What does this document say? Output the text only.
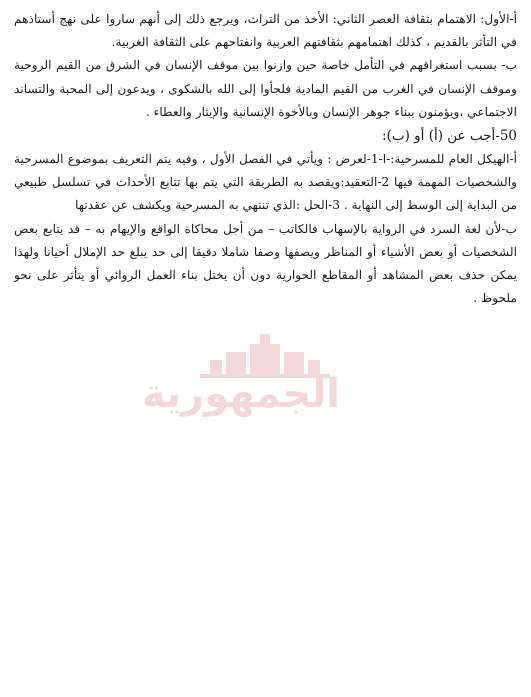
أ-الأول: الاهتمام بثقافة العصر الثاني: الأخذ من التراث، ويرجع ذلك إلى أنهم ساروا على نهج أستاذهم في التأثر بالقديم ، كذلك اهتمامهم بثقافتهم العربية وانفتاحهم على الثقافة الغربية.

ب- بسبب استغراقهم في التأمل خاصة حين وازنوا بين موقف الإنسان في الشرق من القيم الروحية وموقف الإنسان في الغرب من القيم المادية فلجأوا إلى الله بالشكوى ، ويدعون إلى المحبة والتساند الاجتماعي ،ويؤمنون ببناء جوهر الإنسان وبالأخوة الإنسانية والإيثار والعطاء .

50-أجب عن (أ) أو (ب):

أ-الهيكل العام للمسرحية:-ا-1-لعرض : ويأتي في الفصل الأول ، وفيه يتم التعريف بموضوع المسرحية والشخصيات المهمة فيها 2-التعقيد:ويقصد به الطريقة التي يتم بها تتابع الأحداث في تسلسل طبيعي من البداية إلى الوسط إلى النهاية . 3-الحل :الذي تنتهي به المسرحية ويكشف عن عقدتها

ب-لأن لغة السرد في الرواية بالإسهاب فالكاتب – من أجل محاكاة الواقع والإيهام به – قد يتابع بعض الشخصيات أو بعض الأشياء أو المناظر ويصفها وصفا شاملا دقيقا إلى حد يبلغ حد الإملال أحيانا ولهذا يمكن حذف بعض المشاهد أو المقاطع الحوارية دون أن يختل بناء العمل الروائي أو يتأثر على نحو ملحوظ .

الجمهورية
